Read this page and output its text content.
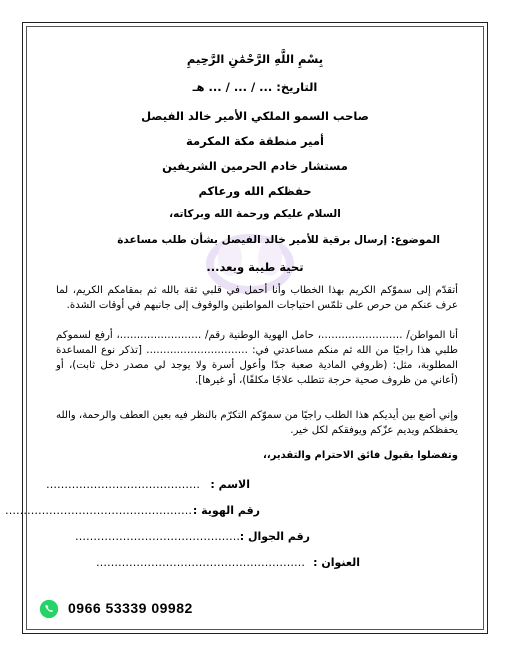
بِسْمِ اللَّهِ الرَّحْمَٰنِ الرَّحِيمِ
التاريخ: ... / ... / ... هـ
صاحب السمو الملكي الأمير خالد الفيصل
أمير منطقة مكة المكرمة
مستشار خادم الحرمين الشريفين
حفظكم الله ورعاكم
السلام عليكم ورحمة الله وبركاته،
الموضوع: إرسال برقية للأمير خالد الفيصل بشأن طلب مساعدة
تحية طيبة وبعد...
أتقدّم إلى سموّكم الكريم بهذا الخطاب وأنا أحمل في قلبي ثقة بالله ثم بمقامكم الكريم، لما عرف عنكم من حرص على تلمّس احتياجات المواطنين والوقوف إلى جانبهم في أوقات الشدة.
أنا المواطن/ ……………………، حامل الهوية الوطنية رقم/ ……………………، أرفع لسموكم طلبي هذا راجيًا من الله ثم منكم مساعدتي في: ………………………… [تذكر نوع المساعدة المطلوبة، مثل: (ظروفي المادية صعبة جدًا وأعول أسرة ولا يوجد لي مصدر دخل ثابت)، أو (أعاني من ظروف صحية حرجة تتطلب علاجًا مكلفًا)، أو غيرها].
وإني أضع بين أيديكم هذا الطلب راجيًا من سموّكم التكرّم بالنظر فيه بعين العطف والرحمة، والله يحفظكم ويديم عزّكم ويوفقكم لكل خير.
وتفضلوا بقبول فائق الاحترام والتقدير،،
الاسم :
……………………………………
رقم الهوية :
……………………………………………
رقم الجوال :
………………………………………
العنوان :
…………………………………………………
0966 53339 09982
